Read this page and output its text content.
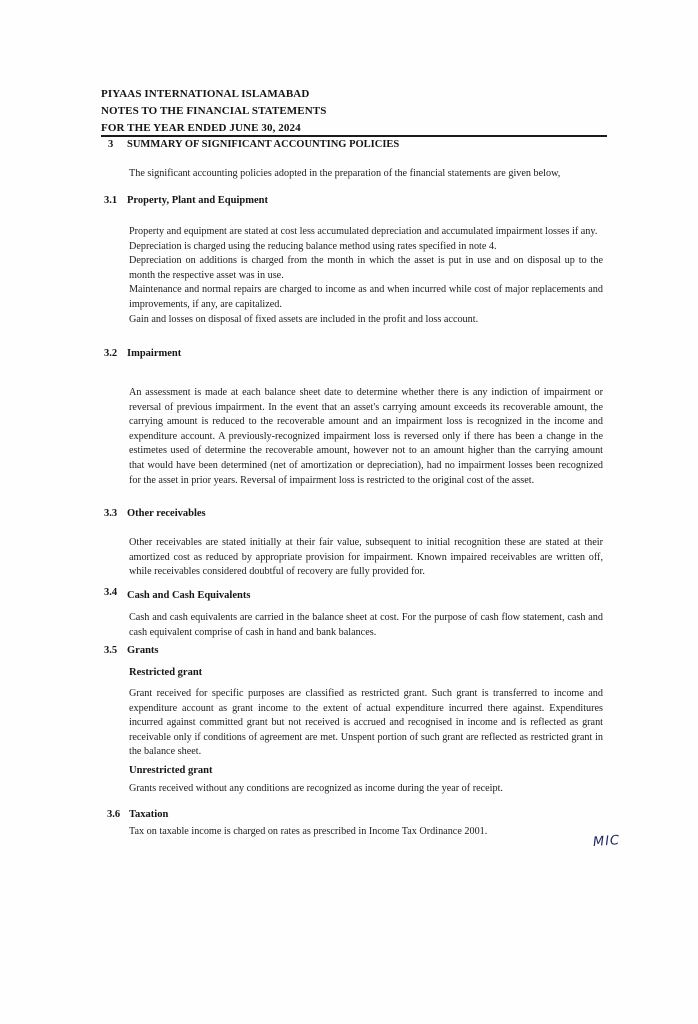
PIYAAS INTERNATIONAL ISLAMABAD
NOTES TO THE FINANCIAL STATEMENTS
FOR THE YEAR ENDED JUNE 30, 2024
3 SUMMARY OF SIGNIFICANT ACCOUNTING POLICIES

The significant accounting policies adopted in the preparation of the financial statements are given below,

3.1 Property, Plant and Equipment

Property and equipment are stated at cost less accumulated depreciation and accumulated impairment losses if any.

Depreciation is charged using the reducing balance method using rates specified in note 4.

Depreciation on additions is charged from the month in which the asset is put in use and on disposal up to the month the respective asset was in use.

Maintenance and normal repairs are charged to income as and when incurred while cost of major replacements and improvements, if any, are capitalized.

Gain and losses on disposal of fixed assets are included in the profit and loss account.

3.2 Impairment

An assessment is made at each balance sheet date to determine whether there is any indiction of impairment or reversal of previous impairment. In the event that an asset's carrying amount exceeds its recoverable amount, the carrying amount is reduced to the recoverable amount and an impairment loss is recognized in the income and expenditure account. A previously-recognized impairment loss is reversed only if there has been a change in the estimetes used of determine the recoverable amount, however not to an amount higher than the carrying amount that would have been determined (net of amortization or depreciation), had no impairment losses been recognized for the asset in prior years. Reversal of impairment loss is restricted to the original cost of the asset.

3.3 Other receivables

Other receivables are stated initially at their fair value, subsequent to initial recognition these are stated at their amortized cost as reduced by appropriate provision for impairment. Known impaired receivables are written off, while receivables considered doubtful of recovery are fully provided for.

3.4 Cash and Cash Equivalents

Cash and cash equivalents are carried in the balance sheet at cost. For the purpose of cash flow statement, cash and cash equivalent comprise of cash in hand and bank balances.

3.5 Grants
Restricted grant

Grant received for specific purposes are classified as restricted grant. Such grant is transferred to income and expenditure account as grant income to the extent of actual expenditure incurred there against. Expenditures incurred against committed grant but not received is accrued and recognised in income and is reflected as grant receivable only if conditions of agreement are met. Unspent portion of such grant are reflected as restricted grant in the balance sheet.

Unrestricted grant

Grants received without any conditions are recognized as income during the year of receipt.

3.6 Taxation

Tax on taxable income is charged on rates as prescribed in Income Tax Ordinance 2001.

MIC
